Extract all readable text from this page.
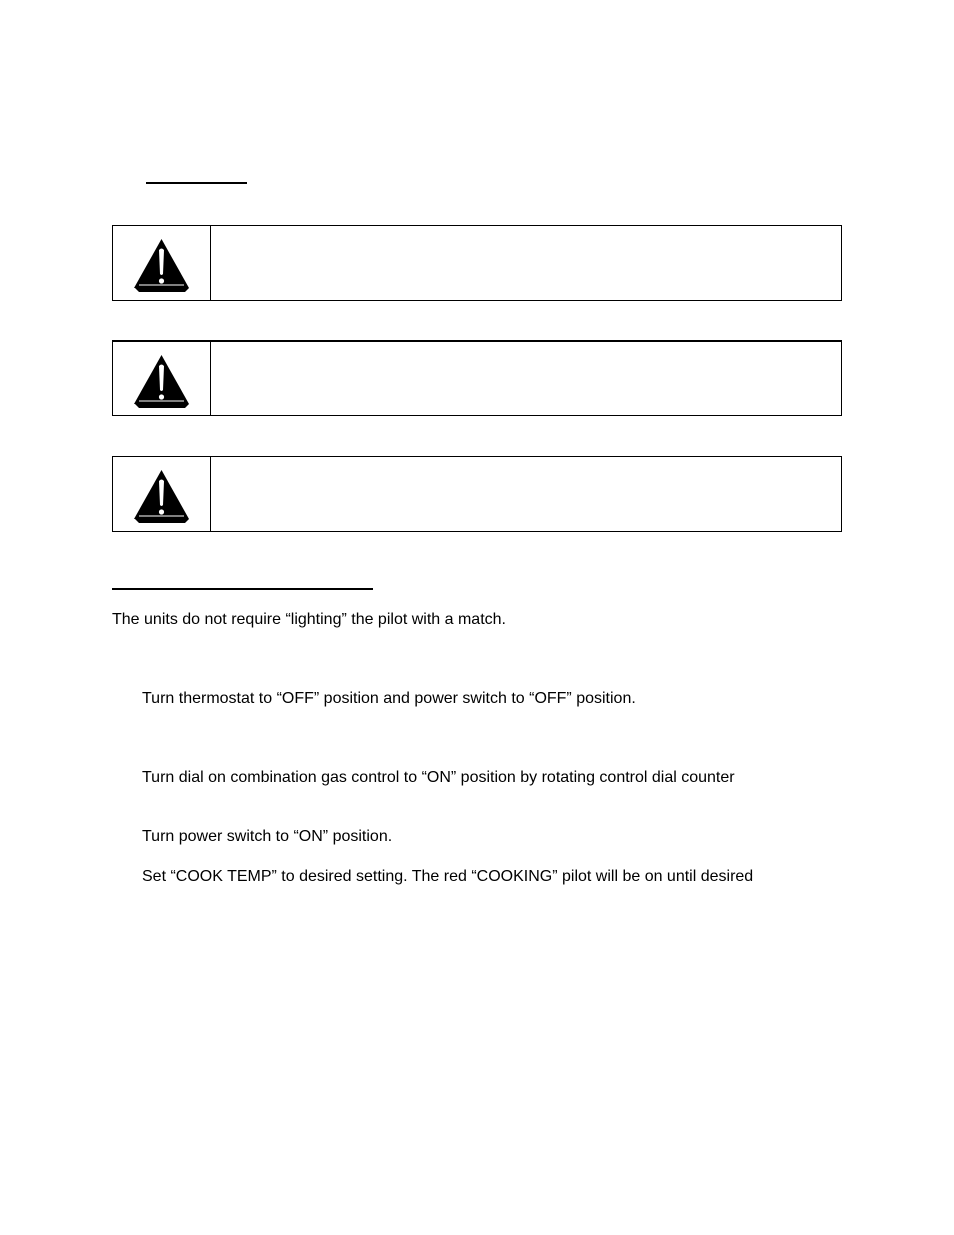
The units do not require “lighting” the pilot with a match.

Turn thermostat to “OFF” position and power switch to “OFF” position.

Turn dial on combination gas control to “ON” position by rotating control dial counter

Turn power switch to “ON” position.

Set “COOK TEMP” to desired setting. The red “COOKING” pilot will be on until desired
